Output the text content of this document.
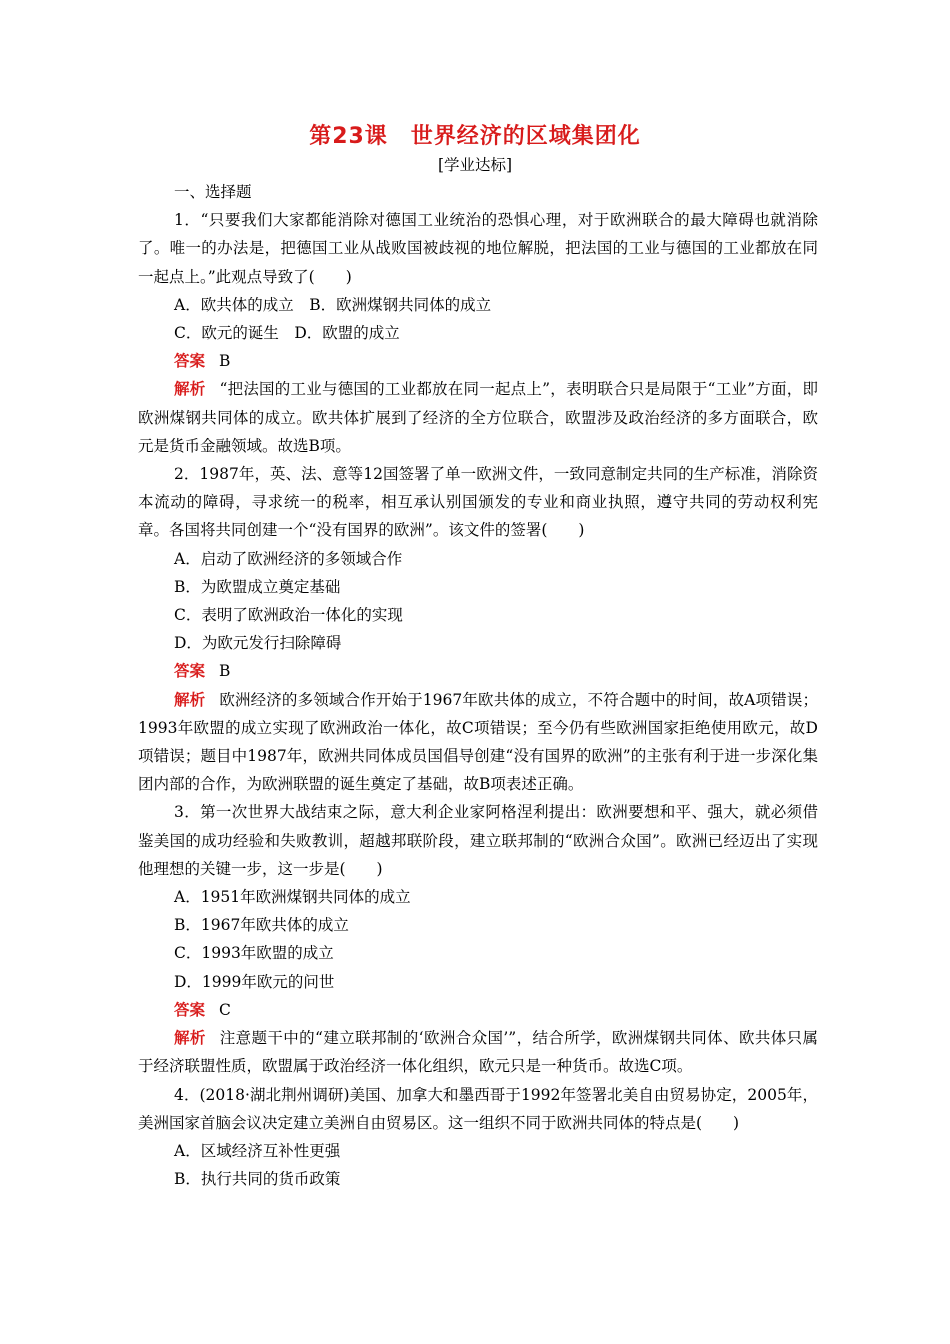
第23课　世界经济的区域集团化
[学业达标]

一、选择题

1．“只要我们大家都能消除对德国工业统治的恐惧心理，对于欧洲联合的最大障碍也就消除了。唯一的办法是，把德国工业从战败国被歧视的地位解脱，把法国的工业与德国的工业都放在同一起点上。”此观点导致了(　　)

A．欧共体的成立　B．欧洲煤钢共同体的成立

C．欧元的诞生　D．欧盟的成立

答案 B

解析 “把法国的工业与德国的工业都放在同一起点上”，表明联合只是局限于“工业”方面，即欧洲煤钢共同体的成立。欧共体扩展到了经济的全方位联合，欧盟涉及政治经济的多方面联合，欧元是货币金融领域。故选B项。

2．1987年，英、法、意等12国签署了单一欧洲文件，一致同意制定共同的生产标准，消除资本流动的障碍，寻求统一的税率，相互承认别国颁发的专业和商业执照，遵守共同的劳动权利宪章。各国将共同创建一个“没有国界的欧洲”。该文件的签署(　　)

A．启动了欧洲经济的多领域合作

B．为欧盟成立奠定基础

C．表明了欧洲政治一体化的实现

D．为欧元发行扫除障碍

答案 B

解析 欧洲经济的多领域合作开始于1967年欧共体的成立，不符合题中的时间，故A项错误；1993年欧盟的成立实现了欧洲政治一体化，故C项错误；至今仍有些欧洲国家拒绝使用欧元，故D项错误；题目中1987年，欧洲共同体成员国倡导创建“没有国界的欧洲”的主张有利于进一步深化集团内部的合作，为欧洲联盟的诞生奠定了基础，故B项表述正确。

3．第一次世界大战结束之际，意大利企业家阿格涅利提出：欧洲要想和平、强大，就必须借鉴美国的成功经验和失败教训，超越邦联阶段，建立联邦制的“欧洲合众国”。欧洲已经迈出了实现他理想的关键一步，这一步是(　　)

A．1951年欧洲煤钢共同体的成立

B．1967年欧共体的成立

C．1993年欧盟的成立

D．1999年欧元的问世

答案 C

解析 注意题干中的“建立联邦制的‘欧洲合众国’”，结合所学，欧洲煤钢共同体、欧共体只属于经济联盟性质，欧盟属于政治经济一体化组织，欧元只是一种货币。故选C项。

4．(2018·湖北荆州调研)美国、加拿大和墨西哥于1992年签署北美自由贸易协定，2005年，美洲国家首脑会议决定建立美洲自由贸易区。这一组织不同于欧洲共同体的特点是(　　)

A．区域经济互补性更强

B．执行共同的货币政策
